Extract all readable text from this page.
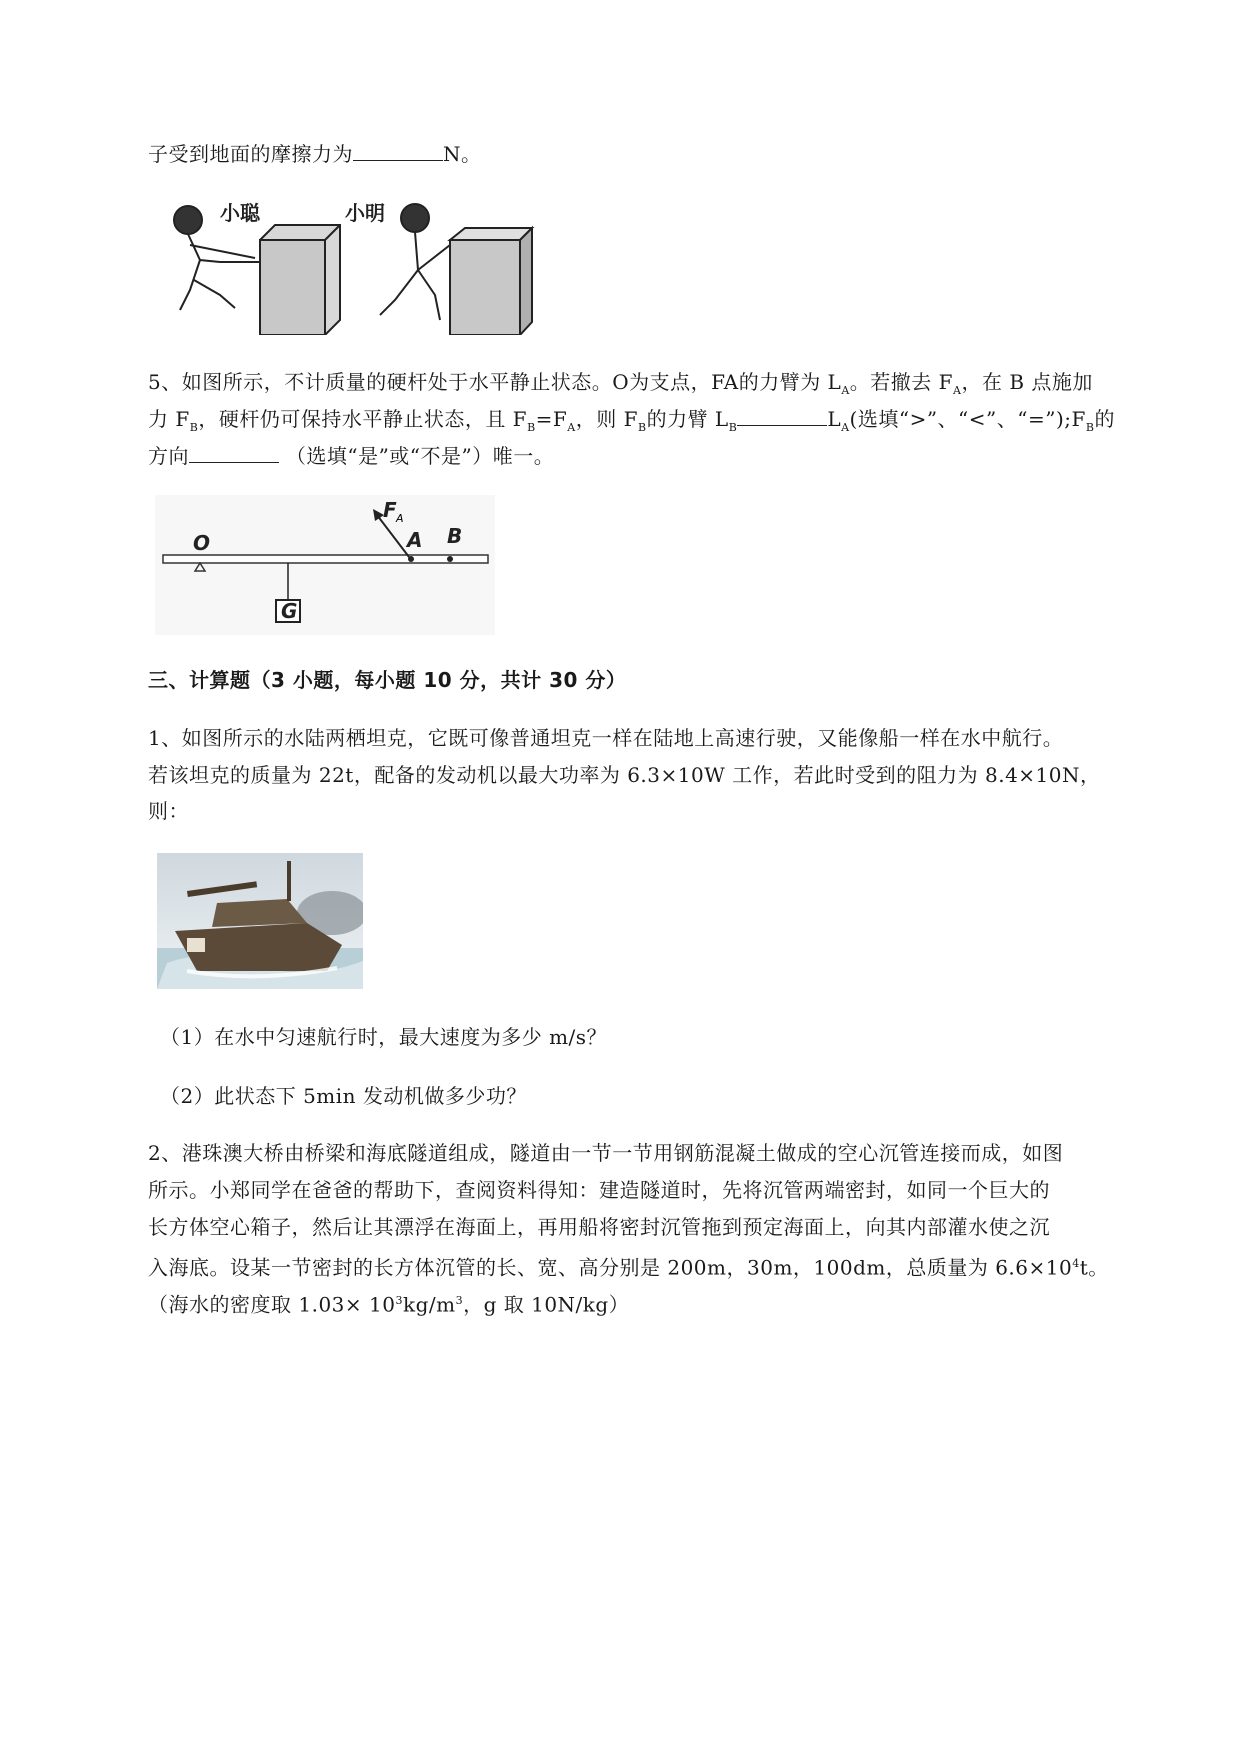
子受到地面的摩擦力为	N。
小聪	小明
5、如图所示，不计质量的硬杆处于水平静止状态。O为支点，FA的力臂为 $L_A$。若撤去 $F_A$，在 B 点施加
力 $F_B$，硬杆仍可保持水平静止状态，且 $F_B=F_A$，则 $F_B$的力臂 $L_B$	$L_A$(选填“>”、“<”、“$=”);F_B$的
方向	（选填“是”或“不是”）唯一。
O	A B
F A
G
三、计算题（3 小题，每小题 10 分，共计 30 分）
1、如图所示的水陆两栖坦克，它既可像普通坦克一样在陆地上高速行驶，又能像船一样在水中航行。
若该坦克的质量为 22t，配备的发动机以最大功率为 6.3×10W 工作，若此时受到的阻力为 8.4×10N，
则：
（1）在水中匀速航行时，最大速度为多少 m/s？
（2）此状态下 5min 发动机做多少功？
2、港珠澳大桥由桥梁和海底隧道组成，隧道由一节一节用钢筋混凝土做成的空心沉管连接而成，如图
所示。小郑同学在爸爸的帮助下，查阅资料得知：建造隧道时，先将沉管两端密封，如同一个巨大的
长方体空心箱子，然后让其漂浮在海面上，再用船将密封沉管拖到预定海面上，向其内部灌水使之沉
入海底。设某一节密封的长方体沉管的长、宽、高分别是 200m，30m，100dm，总质量为 $6.6\times 10^4t$。
（海水的密度取 $1.03\times 10^3kg/m^3$，g 取 10N/kg）
